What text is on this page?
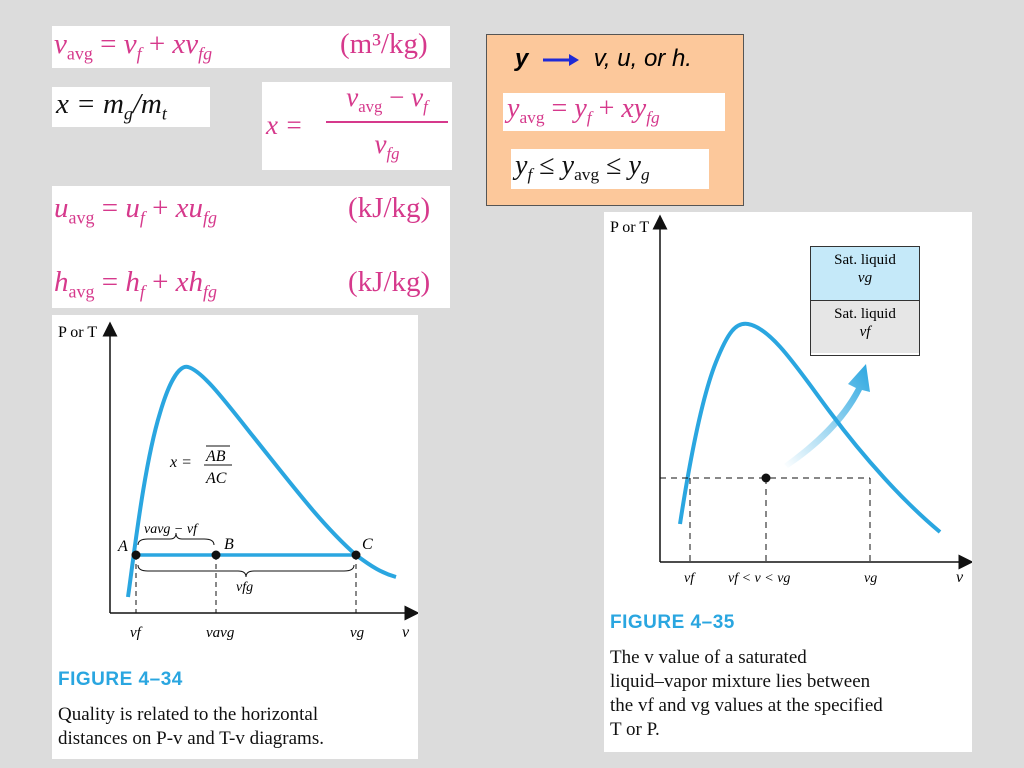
$v_{avg} = v_f + xv_{fg}$	(m³/kg)
$x = m_g/m_t$	x =
$v_{avg} - v_f$
$v_{fg}$
$u_{avg} = u_f + xu_{fg}$	(kJ/kg)
$h_{avg} = h_f + xh_{fg}$	(kJ/kg)
y	v, u, or h.
$y_{avg} = y_f + xy_{fg}$
$y_f \le y_{avg} \le y_g$
P or T
v
A	B	C
vavg − vf
vfg
x = AB
AC
vf	vavg	vg
FIGURE 4–34
Quality is related to the horizontal
distances on P-v and T-v diagrams.
P or T
v
vf vf < v < vg	vg
Sat. liquid
vg
Sat. liquid
vf
FIGURE 4–35
The v value of a saturated
liquid–vapor mixture lies between
the vf and vg values at the specified
T or P.
